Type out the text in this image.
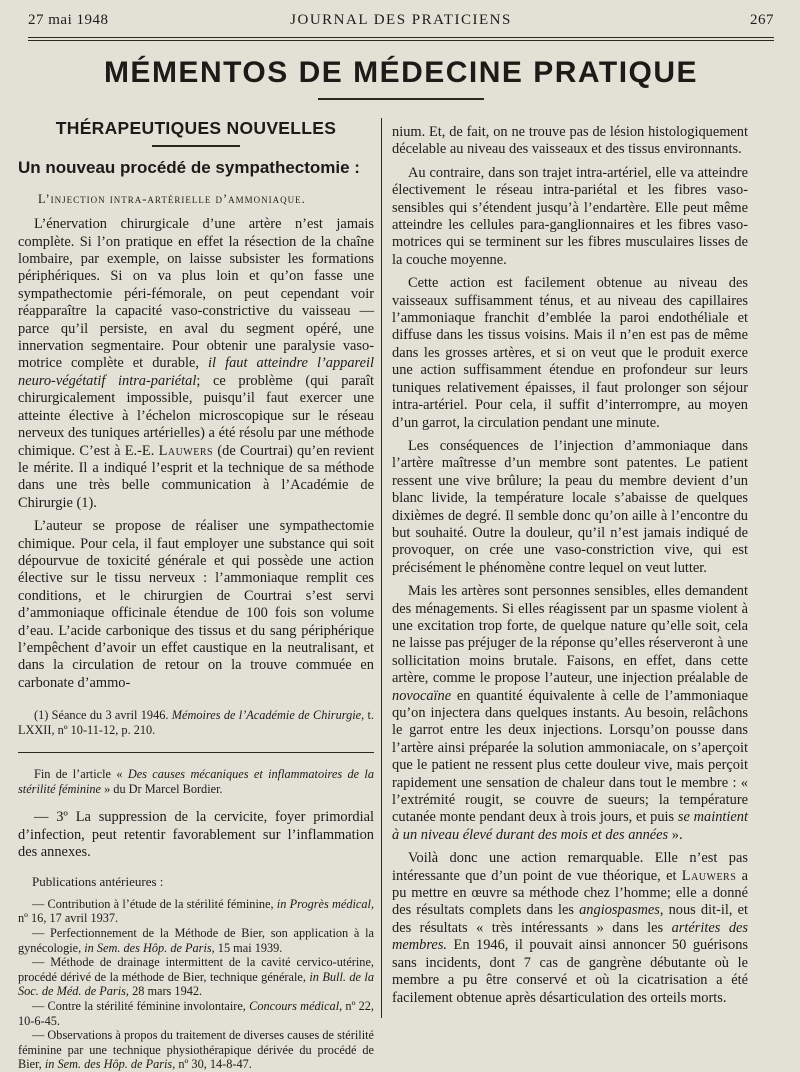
27 mai 1948	JOURNAL DES PRATICIENS	267
MÉMENTOS DE MÉDECINE PRATIQUE
THÉRAPEUTIQUES NOUVELLES
Un nouveau procédé de sympathectomie :

L’injection intra-artérielle d’ammoniaque.

L’énervation chirurgicale d’une artère n’est jamais complète. Si l’on pratique en effet la résection de la chaîne lombaire, par exemple, on laisse subsister les formations périphériques. Si on va plus loin et qu’on fasse une sympathectomie péri-fémorale, on peut cependant voir réapparaître la capacité vaso-constrictive du vaisseau — parce qu’il persiste, en aval du segment opéré, une innervation segmentaire. Pour obtenir une paralysie vaso-motrice complète et durable, il faut atteindre l’appareil neuro-végétatif intra-pariétal; ce problème (qui paraît chirurgicalement impossible, puisqu’il faut exercer une atteinte élective à l’échelon microscopique sur le réseau nerveux des tuniques artérielles) a été résolu par une méthode chimique. C’est à E.-E. Lauwers (de Courtrai) qu’en revient le mérite. Il a indiqué l’esprit et la technique de sa méthode dans une très belle communication à l’Académie de Chirurgie (1).

L’auteur se propose de réaliser une sympathectomie chimique. Pour cela, il faut employer une substance qui soit dépourvue de toxicité générale et qui possède une action élective sur le tissu nerveux : l’ammoniaque remplit ces conditions, et le chirurgien de Courtrai s’est servi d’ammoniaque officinale étendue de 100 fois son volume d’eau. L’acide carbonique des tissus et du sang périphérique l’empêchent d’avoir un effet caustique en la neutralisant, et dans la circulation de retour on la trouve commuée en carbonate d’ammo-

(1) Séance du 3 avril 1946. Mémoires de l’Académie de Chirurgie, t. LXXII, nº 10-11-12, p. 210.

Fin de l’article « Des causes mécaniques et inflammatoires de la stérilité féminine » du Dr Marcel Bordier.

— 3º La suppression de la cervicite, foyer primordial d’infection, peut retentir favorablement sur l’inflammation des annexes.

Publications antérieures :

— Contribution à l’étude de la stérilité féminine, in Progrès médical, nº 16, 17 avril 1937.

— Perfectionnement de la Méthode de Bier, son application à la gynécologie, in Sem. des Hôp. de Paris, 15 mai 1939.

— Méthode de drainage intermittent de la cavité cervico-utérine, procédé dérivé de la méthode de Bier, technique générale, in Bull. de la Soc. de Méd. de Paris, 28 mars 1942.

— Contre la stérilité féminine involontaire, Concours médical, nº 22, 10-6-45.

— Observations à propos du traitement de diverses causes de stérilité féminine par une technique physiothérapique dérivée du procédé de Bier, in Sem. des Hôp. de Paris, nº 30, 14-8-47.

nium. Et, de fait, on ne trouve pas de lésion histologiquement décelable au niveau des vaisseaux et des tissus environnants.

Au contraire, dans son trajet intra-artériel, elle va atteindre électivement le réseau intra-pariétal et les fibres vaso-sensibles qui s’étendent jusqu’à l’endartère. Elle peut même atteindre les cellules para-ganglionnaires et les fibres vaso-motrices qui se terminent sur les fibres musculaires lisses de la couche moyenne.

Cette action est facilement obtenue au niveau des vaisseaux suffisamment ténus, et au niveau des capillaires l’ammoniaque franchit d’emblée la paroi endothéliale et diffuse dans les tissus voisins. Mais il n’en est pas de même dans les grosses artères, et si on veut que le produit exerce une action suffisamment étendue en profondeur sur leurs tuniques relativement épaisses, il faut prolonger son séjour intra-artériel. Pour cela, il suffit d’interrompre, au moyen d’un garrot, la circulation pendant une minute.

Les conséquences de l’injection d’ammoniaque dans l’artère maîtresse d’un membre sont patentes. Le patient ressent une vive brûlure; la peau du membre devient d’un blanc livide, la température locale s’abaisse de quelques dixièmes de degré. Il semble donc qu’on aille à l’encontre du but souhaité. Outre la douleur, qu’il n’est jamais indiqué de provoquer, on crée une vaso-constriction vive, qui est précisément le phénomène contre lequel on veut lutter.

Mais les artères sont personnes sensibles, elles demandent des ménagements. Si elles réagissent par un spasme violent à une excitation trop forte, de quelque nature qu’elle soit, cela ne laisse pas préjuger de la réponse qu’elles réserveront à une sollicitation moins brutale. Faisons, en effet, dans cette artère, comme le propose l’auteur, une injection préalable de novocaïne en quantité équivalente à celle de l’ammoniaque qu’on injectera dans quelques instants. Au besoin, relâchons le garrot entre les deux injections. Lorsqu’on pousse dans l’artère ainsi préparée la solution ammoniacale, on s’aperçoit que le patient ne ressent plus cette douleur vive, mais perçoit rapidement une sensation de chaleur dans tout le membre : « l’extrémité rougit, se couvre de sueurs; la température cutanée monte pendant deux à trois jours, et puis se maintient à un niveau élevé durant des mois et des années ».

Voilà donc une action remarquable. Elle n’est pas intéressante que d’un point de vue théorique, et Lauwers a pu mettre en œuvre sa méthode chez l’homme; elle a donné des résultats complets dans les angiospasmes, nous dit-il, et des résultats « très intéressants » dans les artérites des membres. En 1946, il pouvait ainsi annoncer 50 guérisons sans incidents, dont 7 cas de gangrène débutante où le membre a pu être conservé et où la cicatrisation a été facilement obtenue après désarticulation des orteils morts.
